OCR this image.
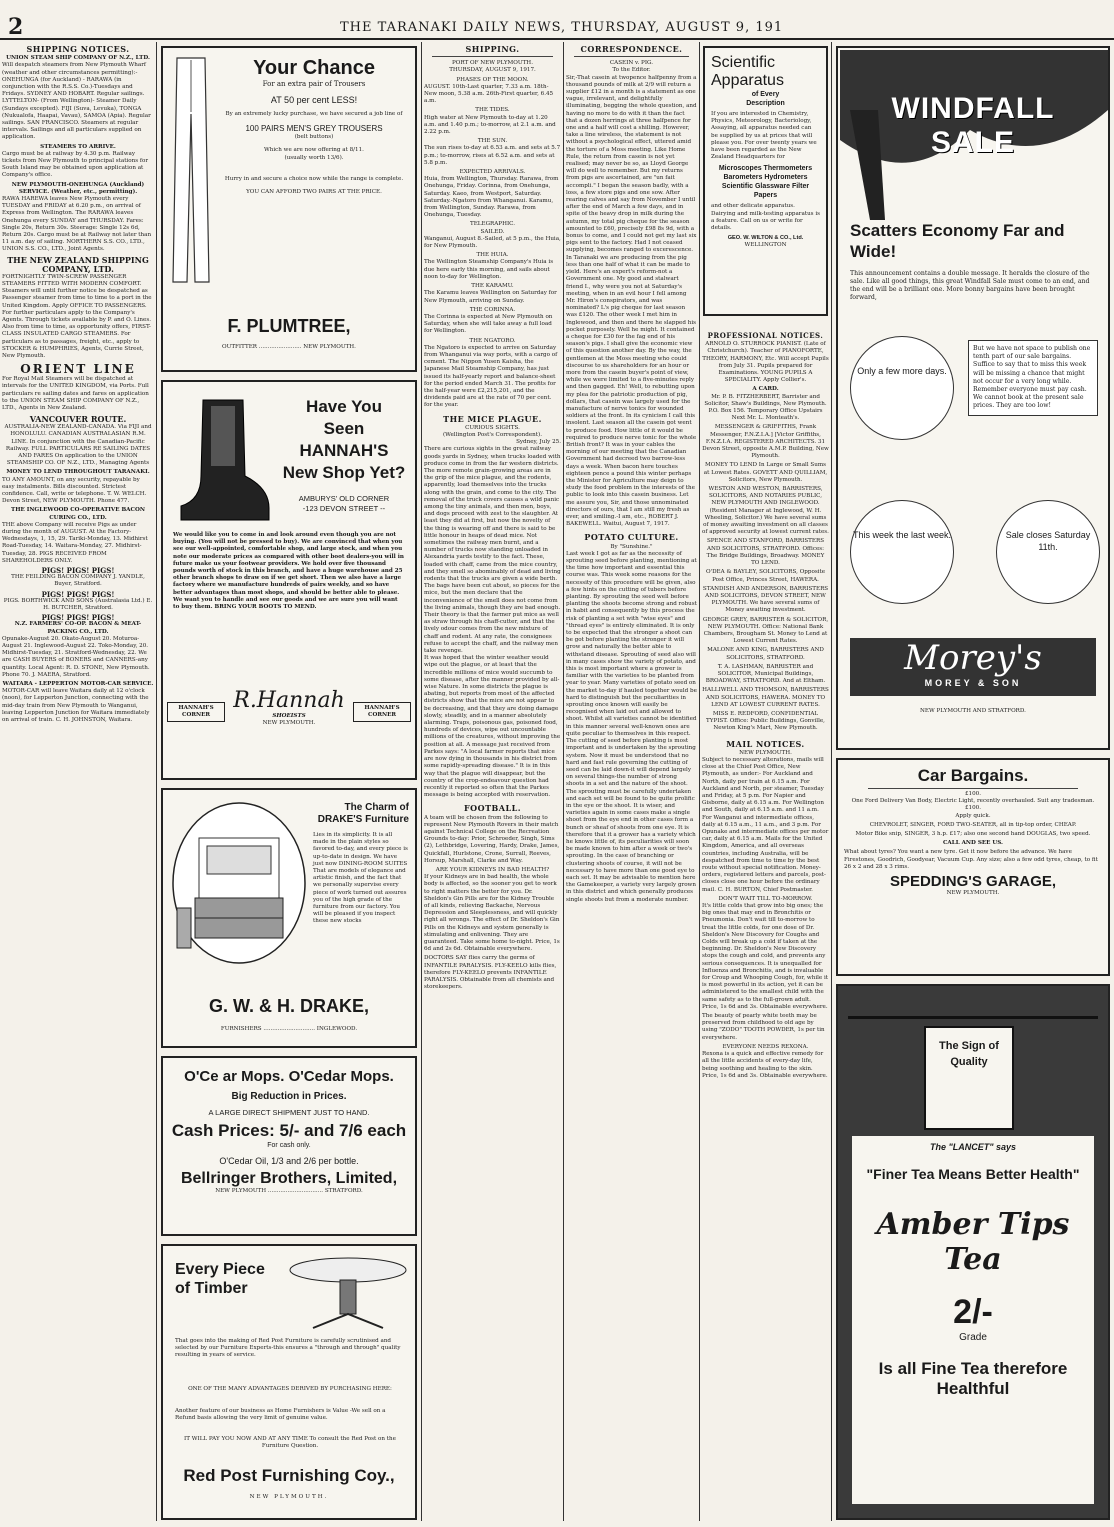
2	THE TARANAKI DAILY NEWS, THURSDAY, AUGUST 9, 191
SHIPPING NOTICES.
UNION STEAM SHIP COMPANY OF N.Z., LTD.
Will despatch steamers from New Plymouth Wharf (weather and other circumstances permitting):- ONEHUNGA (for Auckland) - RARAWA (in conjunction with the R.S.S. Co.)-Tuesdays and Fridays. SYDNEY AND HOBART. Regular sailings. LYTTELTON- (From Wellington)- Steamer Daily (Sundays excepted). FIJI (Suva, Levuka), TONGA (Nukualofa, Haapai, Vavau), SAMOA (Apia). Regular sailings. SAN FRANCISCO. Steamers at regular intervals. Sailings and all particulars supplied on application.
STEAMERS TO ARRIVE.
Cargo must be at railway by 4.30 p.m. Railway tickets from New Plymouth to principal stations for South Island may be obtained upon application at Company's office.
NEW PLYMOUTH-ONEHUNGA (Auckland) SERVICE. (Weather, etc., permitting).
RAWA HAREWA leaves New Plymouth every TUESDAY and FRIDAY at 6.20 p.m., on arrival of Express from Wellington. The RARAWA leaves Onehunga every SUNDAY and THURSDAY. Fares: Single 20s, Return 30s. Steerage: Single 12s 6d, Return 20s. Cargo must be at Railway not later than 11 a.m. day of sailing. NORTHERN S.S. CO., LTD., UNION S.S. CO., LTD., Joint Agents.
THE NEW ZEALAND SHIPPING COMPANY, LTD.
FORTNIGHTLY TWIN-SCREW PASSENGER STEAMERS FITTED WITH MODERN COMFORT. Steamers will until further notice be despatched as Passenger steamer from time to time to a port in the United Kingdom. Apply OFFICE TO PASSENGERS. For further particulars apply to the Company's Agents. Through tickets available by P. and O. Lines. Also from time to time, as opportunity offers, FIRST-CLASS INSULATED CARGO STEAMERS. For particulars as to passages, freight, etc., apply to STOCKER & HUMPHRIES, Agents, Currie Street, New Plymouth.
ORIENT LINE
For Royal Mail Steamers will be dispatched at intervals for the UNITED KINGDOM, via Ports. Full particulars re sailing dates and fares on application to the UNION STEAM SHIP COMPANY OF N.Z., LTD., Agents in New Zealand.
VANCOUVER ROUTE.
AUSTRALIA-NEW ZEALAND-CANADA. Via FIJI and HONOLULU. CANADIAN AUSTRALASIAN R.M. LINE. In conjunction with the Canadian-Pacific Railway. FULL PARTICULARS RE SAILING DATES AND FARES On application to the UNION STEAMSHIP CO. OF N.Z., LTD., Managing Agents
MONEY TO LEND THROUGHOUT TARANAKI.
TO ANY AMOUNT, on any security, repayable by easy instalments. Bills discounted. Strictest confidence. Call, write or telephone. T. W. WELCH. Devon Street, NEW PLYMOUTH. Phone 477.
THE INGLEWOOD CO-OPERATIVE BACON CURING CO., LTD.
THE above Company will receive Pigs as under during the month of AUGUST. At the Factory-Wednesdays, 1, 15, 29. Tariki-Monday, 13. Midhirst Road-Tuesday, 14. Waitara-Monday, 27. Midhirst-Tuesday, 28. PIGS RECEIVED FROM SHAREHOLDERS ONLY.
PIGS! PIGS! PIGS!
THE FEILDING BACON COMPANY J. YANDLE, Buyer, Stratford.
PIGS! PIGS! PIGS!
PIGS. BORTHWICK AND SONS (Australasia Ltd.) E. H. BUTCHER, Stratford.
PIGS! PIGS! PIGS!
N.Z. FARMERS' CO-OP. BACON & MEAT-PACKING CO., LTD.
Opunake-August 20. Okato-August 20. Moturoa-August 21. Inglewood-August 22. Toko-Monday, 20. Midhirst-Tuesday, 21. Stratford-Wednesday, 22. We are CASH BUYERS of BONERS and CANNERS-any quantity. Local Agent: R. D. STONE, New Plymouth. Phone 70. J. MAERA, Stratford.
WAITARA - LEPPERTON MOTOR-CAR SERVICE.
MOTOR-CAR will leave Waitara daily at 12 o'clock (noon), for Lepperton Junction, connecting with the mid-day train from New Plymouth to Wanganui, leaving Lepperton Junction for Waitara immediately on arrival of train. C. H. JOHNSTON, Waitara.
Your Chance
For an extra pair of Trousers
AT 50 per cent LESS!
By an extremely lucky purchase, we have secured a job line of
100 PAIRS MEN'S GREY TROUSERS
(belt buttons)
Which we are now offering at 8/11.
(usually worth 13/6).
Hurry in and secure a choice now while the range is complete.
YOU CAN AFFORD TWO PAIRS AT THE PRICE.
F. PLUMTREE,
OUTFITTER ........................ NEW PLYMOUTH.
Have You
Seen
HANNAH'S
New Shop Yet?
AMBURYS' OLD CORNER
-123 DEVON STREET --
We would like you to come in and look around even though you are not buying. (You will not be pressed to buy). We are convinced that when you see our well-appointed, comfortable shop, and large stock, and when you note our moderate prices as compared with other boot dealers-you will in future make us your footwear providers. We hold over five thousand pounds worth of stock in this branch, and have a huge warehouse and 25 other branch shops to draw on if we get short. Then we also have a large factory where we manufacture hundreds of pairs weekly, and so have better advantages than most shops, and should be better able to please. We want you to handle and see our goods and we are sure you will want to buy them. BRING YOUR BOOTS TO MEND.
HANNAH'S CORNER
HANNAH'S CORNER
R.Hannah
SHOEISTS
NEW PLYMOUTH.
The Charm of DRAKE'S Furniture
Lies in its simplicity. It is all made in the plain styles so favored to-day, and every piece is up-to-date in design. We have just now DINING-ROOM SUITES That are models of elegance and artistic finish, and the fact that we personally supervise every piece of work turned out assures you of the high grade of the furniture from our factory. You will be pleased if you inspect these new stocks
G. W. & H. DRAKE,
FURNISHERS ............................. INGLEWOOD.
O'Ce ar Mops. O'Cedar Mops.
Big Reduction in Prices.
A LARGE DIRECT SHIPMENT JUST TO HAND.
Cash Prices: 5/- and 7/6 each
For cash only.
O'Cedar Oil, 1/3 and 2/6 per bottle.
Bellringer Brothers, Limited,
NEW PLYMOUTH ............................... STRATFORD.
Every Piece
of Timber
That goes into the making of Red Post Furniture is carefully scrutinised and selected by our Furniture Experts-this ensures a "through and through" quality resulting in years of service.
ONE OF THE MANY ADVANTAGES DERIVED BY PURCHASING HERE:
Another feature of our business as Home Furnishers is Value -We sell on a Refund basis allowing the very limit of genuine value.
IT WILL PAY YOU NOW AND AT ANY TIME To consult the Red Post on the Furniture Question.
Red Post Furnishing Coy.,
NEW PLYMOUTH.
SHIPPING.
PORT OF NEW PLYMOUTH.
THURSDAY, AUGUST 9, 1917.
PHASES OF THE MOON.
AUGUST. 10th-Last quarter, 7.33 a.m. 18th-New moon, 5.38 a.m. 26th-First quarter, 6.45 a.m.
THE TIDES.
High water at New Plymouth to-day at 1.20 a.m. and 1.40 p.m.; to-morrow, at 2.1 a.m. and 2.22 p.m.
THE SUN.
The sun rises to-day at 6.53 a.m. and sets at 5.7 p.m.; to-morrow, rises at 6.52 a.m. and sets at 5.8 p.m.
EXPECTED ARRIVALS.
Huia, from Wellington, Thursday. Rarawa, from Onehunga, Friday. Corinna, from Onehunga, Saturday. Kaeo, from Westport, Saturday. Saturday.-Ngatoro from Whanganui. Karamu, from Wellington, Sunday. Rarawa, from Onehunga, Tuesday.
TELEGRAPHIC.
SAILED.
Wanganui, August 8.-Sailed, at 5 p.m., the Huia, for New Plymouth.
THE HUIA.
The Wellington Steamship Company's Huia is due here early this morning, and sails about noon to-day for Wellington.
THE KARAMU.
The Karamu leaves Wellington on Saturday for New Plymouth, arriving on Sunday.
THE CORINNA.
The Corinna is expected at New Plymouth on Saturday, when she will take away a full load for Wellington.
THE NGATORO.
The Ngatoro is expected to arrive on Saturday from Whanganui via way ports, with a cargo of cement. The Nippon Yusen Kaisha, the Japanese Mail Steamship Company, has just issued its half-yearly report and balance-sheet for the period ended March 31. The profits for the half-year were £2,215,201, and the dividends paid are at the rate of 70 per cent. for the year.
THE MICE PLAGUE.
CURIOUS SIGHTS.
(Wellington Post's Correspondent).
Sydney, July 25.
There are curious sights in the great railway goods yards in Sydney, when trucks loaded with produce come in from the far western districts. The more remote grain-growing areas are in the grip of the mice plague, and the rodents, apparently, load themselves into the trucks along with the grain, and come to the city. The removal of the truck covers causes a wild panic among the tiny animals, and then men, boys, and dogs proceed with zest to the slaughter. At least they did at first, but now the novelty of the thing is wearing off and there is said to be little honour in heaps of dead mice. Not sometimes the railway men burnt, and a number of trucks now standing unloaded in Alexandria yards testify to the fact. These, loaded with chaff, came from the mice country, and they smell so abominably of dead and living rodents that the trucks are given a wide berth. The bags have been cut about, so pieces for the mice, but the men declare that the inconvenience of the smell does not come from the living animals, though they are bad enough. Their theory is that the farmer put mice as well as straw through his chaff-cutter, and that the lively odour comes from the new mixture of chaff and rodent. At any rate, the consignees refuse to accept the chaff, and the railway men take revenge.
It was hoped that the winter weather would wipe out the plague, or at least that the incredible millions of mice would succumb to some disease, after the manner provided by all-wise Nature. In some districts the plague is abating, but reports from most of the affected districts show that the mice are not appear to be decreasing, and that they are doing damage slowly, steadily, and in a manner absolutely alarming. Traps, poisonous gas, poisoned food, hundreds of devices, wipe out uncountable millions of the creatures, without improving the position at all. A message just received from Parkes says: "A local farmer reports that mice are now dying in thousands in his district from some rapidly-spreading disease." It is in this way that the plague will disappear, but the country of the crop-endeavour question had recently it reported so often that the Parkes message is being accepted with reservation.
FOOTBALL.
A team will be chosen from the following to represent New Plymouth Rovers in their match against Technical College on the Recreation Grounds to-day: Prior, Schroeder, Singh, Sims (2), Lethbridge, Lovering, Hardy, Drake, James, Quickfall, Hurlstone, Crone, Surrall, Reeves, Horsup, Marshall, Clarke and Way.
ARE YOUR KIDNEYS IN BAD HEALTH?
If your Kidneys are in bad health, the whole body is affected, so the sooner you get to work to right matters the better for you. Dr. Sheldon's Gin Pills are for the Kidney Trouble of all kinds, relieving Backache, Nervous Depression and Sleeplessness, and will quickly right all wrongs. The effect of Dr. Sheldon's Gin Pills on the Kidneys and system generally is stimulating and enlivening. They are guaranteed. Take some home to-night. Price, 1s 6d and 2s 6d. Obtainable everywhere.
DOCTORS SAY flies carry the germs of INFANTILE PARALYSIS. FLY-KEELO kills flies, therefore FLY-KEELO prevents INFANTILE PARALYSIS. Obtainable from all chemists and storekeepers.
CORRESPONDENCE.
CASEIN v. PIG.
To the Editor.
Sir,-That casein at twopence halfpenny from a thousand pounds of milk at 2/9 will return a supplier £12 in a month is a statement as one vague, irrelevant, and delightfully illuminating, begging the whole question, and having no more to do with it than the fact that a dozen herrings at three halfpence for one and a half will cost a shilling. However, take a line wireless, the statement is not without a psychological effect, uttered amid the torture of a Moss meeting. Like Home Rule, the return from casein is not yet realised; may never be so, as Lloyd George will do well to remember. But my returns from pigs are ascertained, are "un fait accompli." I began the season badly, with a loss, a few store pigs and one sow. After rearing calves and say from November I until after the end of March a few days, and in spite of the heavy drop in milk during the autumn, my total pig cheque for the season amounted to £60, precisely £98 8s 9d, with a bonus to come, and I could not get my last six pigs sent to the factory. Had I not ceased supplying, becomes ranged to excerescence. In Taranaki we are producing from the pig less than one half of what it can be made to yield. Here's an expert's reform-not a Government one. My good and stalwart friend I., why were you not at Saturday's meeting, when in an evil hour I fell among Mr. Hiron's conspirators, and was nominated? L's pig cheque for last season was £120. The other week I met him in Inglewood, and then and there he slapped his pocket purposely. Well he might. It contained a cheque for £30 for the fag end of his season's pigs. I shall give the economic view of this question another day. By the way, the gentlemen at the Moss meeting who could discourse to us shareholders for an hour or more from the casein buyer's point of view, while we were limited to a five-minutes reply and then gagged. Eh! Well, to rebutting upon my plea for the patriotic production of pig, dollars, that casein was largely used for the manufacture of nerve tonics for wounded soldiers at the front. In its cynicism I call this insolent. Last season all the casein got went to produce food. How little of it would be required to produce nerve tonic for the whole British front? It was in your cables the morning of our meeting that the Canadian Government had decreed two barrow-less days a week. When bacon here touches eighteen pence a pound this winter perhaps the Minister for Agriculture may deign to study the food problem in the interests of the public to look into this casein business. Let me assure you, Sir, and those unnominated directors of ours, that I am still my fresh as ever, and smiling.-I am, etc., ROBERT J. BAKEWELL. Waitui, August 7, 1917.
POTATO CULTURE.
By "Sunshine."
Last week I got as far as the necessity of sprouting seed before planting, mentioning at the time how important and essential this course was. This week some reasons for the necessity of this procedure will be given, also a few hints on the cutting of tubers before planting. By sprouting the seed well before planting the shoots become strong and robust in habit and consequently by this process the risk of planting a set with "wise eyes" and "thread eyes" is entirely eliminated. It is only to be expected that the stronger a shoot can be got before planting the stronger it will grow and naturally the better able to withstand disease. Sprouting of seed also will in many cases show the variety of potato, and this is most important where a grower is familiar with the varieties to be planted from year to year. Many varieties of potato seed on the market to-day if hauled together would be hard to distinguish but the peculiarities in sprouting once known will easily be recognised when laid out and allowed to shoot. Whilst all varieties cannot be identified in this manner several well-known ones are quite peculiar to themselves in this respect. The cutting of seed before planting is most important and is undertaken by the sprouting system. Now it must be understood that no hard and fast rule governing the cutting of seed can be laid down-it will depend largely on several things-the number of strong shoots in a set and the nature of the shoot. The sprouting must be carefully undertaken and each set will be found to be quite prolific in the eye or the shoot. It is wiser, and varieties again in some cases make a single shoot from the eye end in other cases form a bunch or sheaf of shoots from one eye. It is therefore that it a grower has a variety which he knows little of, its peculiarities will soon be made known to him after a week or two's sprouting. In the case of branching or clustering shoots of course, it will not be necessary to have more than one good eye to each set. It may be advisable to mention here the Gamekeeper, a variety very largely grown in this district and which generally produces single shoots but from a moderate number.
Scientific
Apparatus
of Every
Description
If you are interested in Chemistry, Physics, Meteorology, Bacteriology, Assaying, all apparatus needed can be supplied by us at prices that will please you. For over twenty years we have been regarded as the New Zealand Headquarters for
Microscopes Thermometers Barometers Hydrometers Scientific Glassware Filter Papers
and other delicate apparatus. Dairying and milk-testing apparatus is a feature. Call on us or write for details.
GEO. W. WILTON & CO., Ltd.
WELLINGTON
PROFESSIONAL NOTICES.
ARNOLD O. STURROCK PIANIST. (Late of Christchurch). Teacher of PIANOFORTE, THEORY, HARMONY, Etc. Will accept Pupils from July 31. Pupils prepared for Examinations. YOUNG PUPILS A SPECIALITY. Apply Collier's.
A CARD.
Mr. P. B. FITZHERBERT, Barrister and Solicitor, Shaw's Buildings, New Plymouth. P.O. Box 156. Temporary Office Upstairs Next Mr. L. Monteath's.
MESSENGER & GRIFFITHS, Frank Messenger, F.N.Z.I.A.] [Victor Griffiths, F.N.Z.I.A. REGISTERED ARCHITECTS. 31 Devon Street, opposite A.M.P. Building, New Plymouth.
MONEY TO LEND In Large or Small Sums at Lowest Rates. GOVETT AND QUILLIAM, Solicitors, New Plymouth.
WESTON AND WESTON, BARRISTERS, SOLICITORS, AND NOTARIES PUBLIC, NEW PLYMOUTH AND INGLEWOOD. (Resident Manager at Inglewood, W. H. Wheeling, Solicitor.) We have several sums of money awaiting investment on all classes of approved security at lowest current rates.
SPENCE AND STANFORD, BARRISTERS AND SOLICITORS, STRATFORD. Offices: The Bridge Buildings, Broadway. MONEY TO LEND.
O'DEA & BAYLEY, SOLICITORS, Opposite Post Office, Princes Street, HAWERA.
STANDISH AND ANDERSON, BARRISTERS AND SOLICITORS, DEVON STREET, NEW PLYMOUTH. We have several sums of Money awaiting investment.
GEORGE GREY, BARRISTER & SOLICITOR, NEW PLYMOUTH. Office: National Bank Chambers, Brougham St. Money to Lend at Lowest Current Rates.
MALONE AND KING, BARRISTERS AND SOLICITORS, STRATFORD.
T. A. LASHMAN, BARRISTER and SOLICITOR, Municipal Buildings, BROADWAY, STRATFORD. And at Eltham.
HALLIWELL AND THOMSON, BARRISTERS AND SOLICITORS, HAWERA. MONEY TO LEND AT LOWEST CURRENT RATES.
MISS E. REDFORD, CONFIDENTIAL TYPIST. Office: Public Buildings, Gonville, Newton King's Mart, New Plymouth.
MAIL NOTICES.
NEW PLYMOUTH.
Subject to necessary alterations, mails will close at the Chief Post Office, New Plymouth, as under:- For Auckland and North, daily per train at 6.15 a.m. For Auckland and North, per steamer, Tuesday and Friday, at 5 p.m. For Napier and Gisborne, daily at 6.15 a.m. For Wellington and South, daily at 6.15 a.m. and 11 a.m. For Wanganui and intermediate offices, daily at 6.15 a.m., 11 a.m., and 3 p.m. For Opunake and intermediate offices per motor car, daily at 6.15 a.m. Mails for the United Kingdom, America, and all overseas countries, including Australia, will be despatched from time to time by the best route without special notification. Money-orders, registered letters and parcels, post-closes close one hour before the ordinary mail. C. H. BURTON, Chief Postmaster.
DON'T WAIT TILL TO-MORROW.
It's little colds that grow into big ones; the big ones that may end in Bronchitis or Pneumonia. Don't wait till to-morrow to treat the little colds, for one dose of Dr. Sheldon's New Discovery for Coughs and Colds will break up a cold if taken at the beginning. Dr. Sheldon's New Discovery stops the cough and cold, and prevents any serious consequences. It is unequalled for Influenza and Bronchitis, and is invaluable for Croup and Whooping Cough, for, while it is most powerful in its action, yet it can be administered to the smallest child with the same safety as to the full-grown adult. Price, 1s 6d and 3s. Obtainable everywhere.
The beauty of pearly white teeth may be preserved from childhood to old age by using "ZODO" TOOTH POWDER, 1s per tin everywhere.
EVERYONE NEEDS REXONA.
Rexona is a quick and effective remedy for all the little accidents of every-day life, being soothing and healing to the skin. Price, 1s 6d and 3s. Obtainable everywhere.
WINDFALL SALE
Scatters Economy Far and Wide!
This announcement contains a double message. It heralds the closure of the sale. Like all good things, this great Windfall Sale must come to an end, and the end will be a brilliant one. More bonny bargains have been brought forward,
Only a few more days.
But we have not space to publish one tenth part of our sale bargains. Suffice to say that to miss this week will be missing a chance that might not occur for a very long while. Remember everyone must pay cash. We cannot book at the present sale prices. They are too low!
This week the last week.	Sale closes Saturday 11th.
Morey's
MOREY & SON
NEW PLYMOUTH AND STRATFORD.
Car Bargains.
£100.
One Ford Delivery Van Body, Electric Light, recently overhauled. Suit any tradesman.
£100.
Apply quick.
CHEVROLET, SINGER, FORD TWO-SEATER, all in tip-top order, CHEAP.
Motor Bike snip, SINGER, 3 h.p. £17; also one second hand DOUGLAS, two speed.
CALL AND SEE US.
What about tyres? You want a new tyre. Get it now before the advance. We have Firestones, Goodrich, Goodyear, Vacuum Cup. Any size; also a few odd tyres, cheap, to fit 26 x 2 and 28 x 3 rims.
SPEDDING'S GARAGE,
NEW PLYMOUTH.
The Sign of Quality
The "LANCET" says
"Finer Tea Means Better Health"
Amber Tips Tea
2/-
Grade
Is all Fine Tea therefore Healthful
